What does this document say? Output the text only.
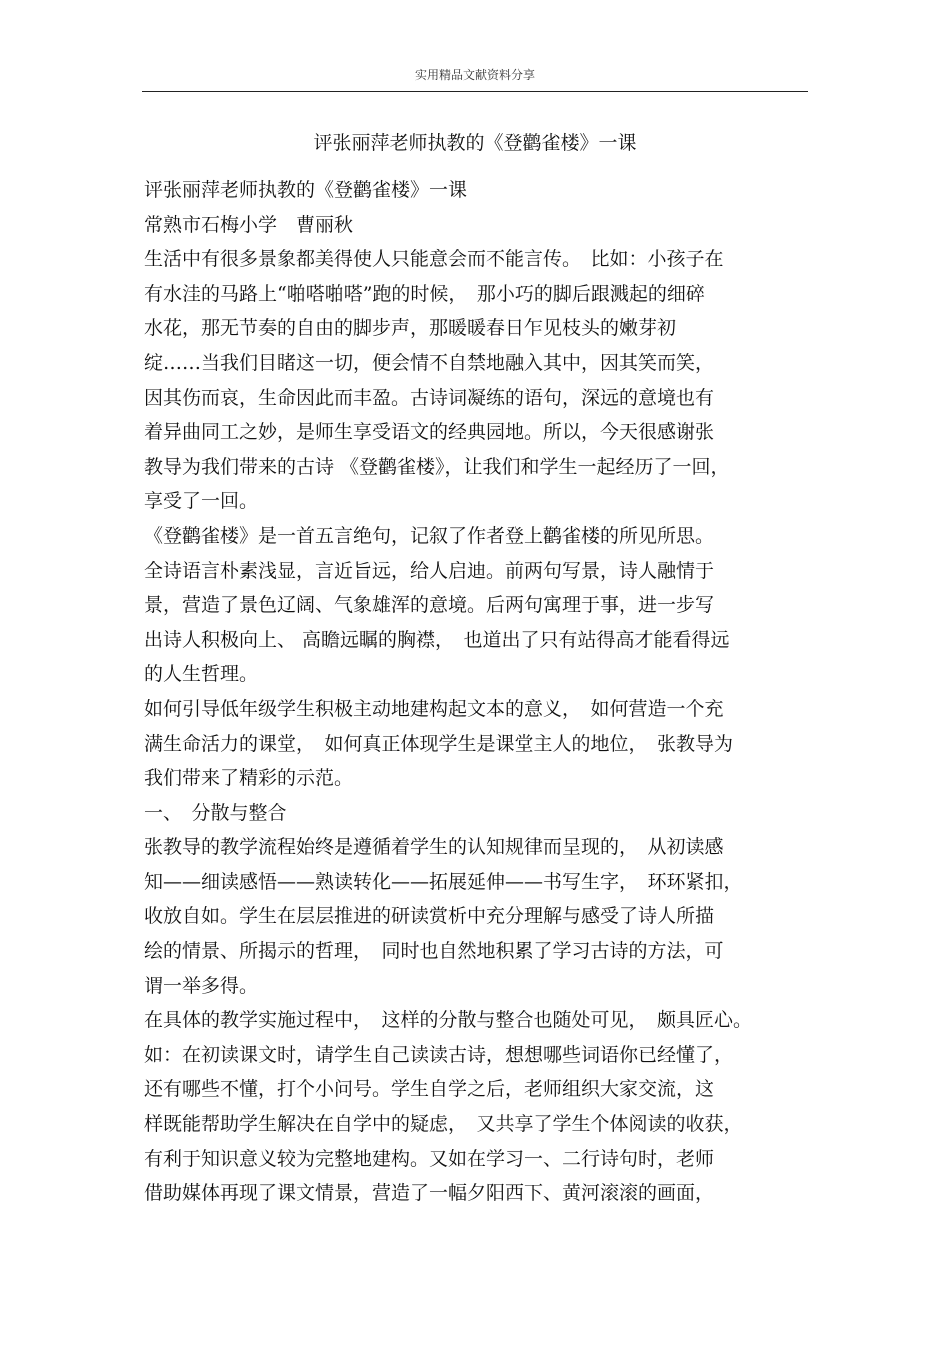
实用精品文献资料分享
评张丽萍老师执教的《登鹳雀楼》一课
评张丽萍老师执教的《登鹳雀楼》一课
常熟市石梅小学　曹丽秋
生活中有很多景象都美得使人只能意会而不能言传。　比如：小孩子在
有水洼的马路上“啪嗒啪嗒”跑的时候，　那小巧的脚后跟溅起的细碎
水花，那无节奏的自由的脚步声，那暖暖春日乍见枝头的嫩芽初
绽……当我们目睹这一切，便会情不自禁地融入其中，因其笑而笑，
因其伤而哀，生命因此而丰盈。古诗词凝练的语句，深远的意境也有
着异曲同工之妙，是师生享受语文的经典园地。所以，今天很感谢张
教导为我们带来的古诗 《登鹳雀楼》，让我们和学生一起经历了一回，
享受了一回。
《登鹳雀楼》是一首五言绝句，记叙了作者登上鹳雀楼的所见所思。
全诗语言朴素浅显，言近旨远，给人启迪。前两句写景，诗人融情于
景，营造了景色辽阔、气象雄浑的意境。后两句寓理于事，进一步写
出诗人积极向上、 高瞻远瞩的胸襟，　也道出了只有站得高才能看得远
的人生哲理。
如何引导低年级学生积极主动地建构起文本的意义，　如何营造一个充
满生命活力的课堂，　如何真正体现学生是课堂主人的地位，　张教导为
我们带来了精彩的示范。
一、　分散与整合
张教导的教学流程始终是遵循着学生的认知规律而呈现的，　从初读感
知——细读感悟——熟读转化——拓展延伸——书写生字，　环环紧扣，
收放自如。学生在层层推进的研读赏析中充分理解与感受了诗人所描
绘的情景、所揭示的哲理，　同时也自然地积累了学习古诗的方法，可
谓一举多得。
在具体的教学实施过程中，　这样的分散与整合也随处可见，　颇具匠心。
如：在初读课文时，请学生自己读读古诗，想想哪些词语你已经懂了，
还有哪些不懂，打个小问号。学生自学之后，老师组织大家交流，这
样既能帮助学生解决在自学中的疑虑，　又共享了学生个体阅读的收获，
有利于知识意义较为完整地建构。又如在学习一、二行诗句时，老师
借助媒体再现了课文情景，营造了一幅夕阳西下、黄河滚滚的画面，
